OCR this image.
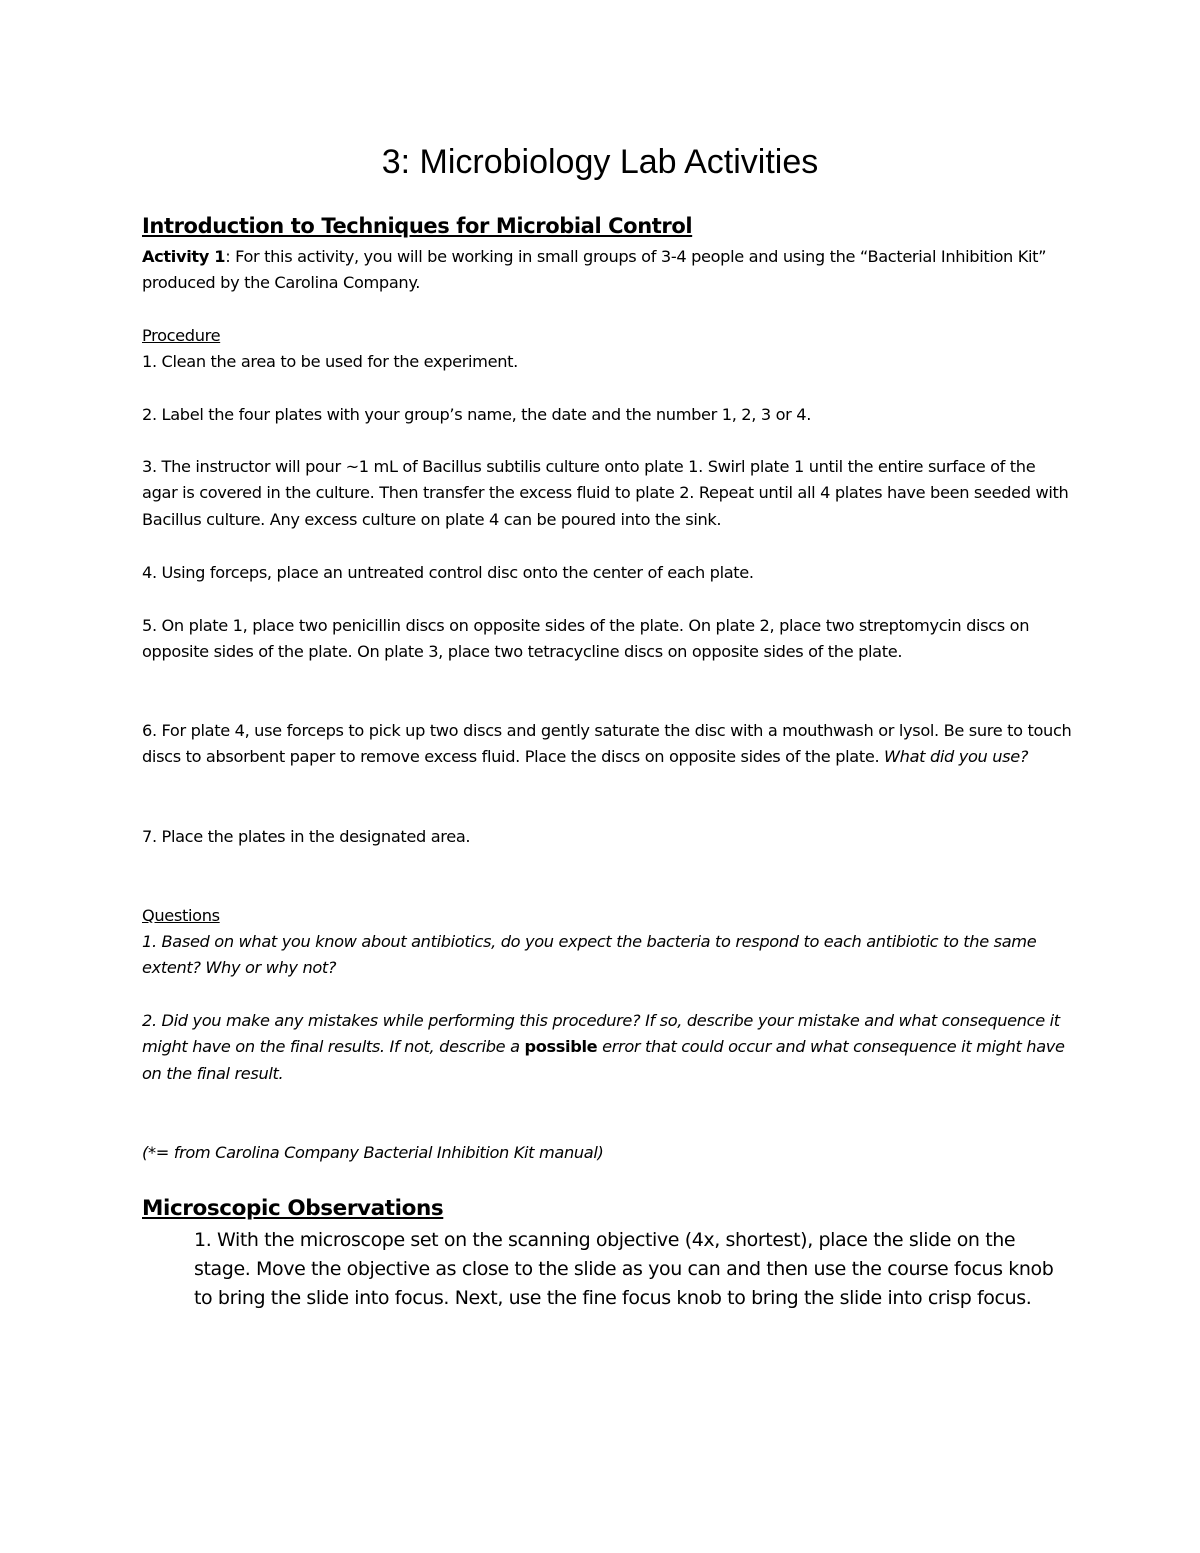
3: Microbiology Lab Activities
Introduction to Techniques for Microbial Control

Activity 1: For this activity, you will be working in small groups of 3-4 people and using the “Bacterial Inhibition Kit” produced by the Carolina Company.

Procedure

1. Clean the area to be used for the experiment.

2. Label the four plates with your group’s name, the date and the number 1, 2, 3 or 4.

3. The instructor will pour ~1 mL of Bacillus subtilis culture onto plate 1. Swirl plate 1 until the entire surface of the agar is covered in the culture. Then transfer the excess fluid to plate 2. Repeat until all 4 plates have been seeded with Bacillus culture. Any excess culture on plate 4 can be poured into the sink.

4. Using forceps, place an untreated control disc onto the center of each plate.

5. On plate 1, place two penicillin discs on opposite sides of the plate. On plate 2, place two streptomycin discs on opposite sides of the plate. On plate 3, place two tetracycline discs on opposite sides of the plate.

6. For plate 4, use forceps to pick up two discs and gently saturate the disc with a mouthwash or lysol. Be sure to touch discs to absorbent paper to remove excess fluid. Place the discs on opposite sides of the plate. What did you use?

7. Place the plates in the designated area.

Questions

1. Based on what you know about antibiotics, do you expect the bacteria to respond to each antibiotic to the same extent? Why or why not?

2. Did you make any mistakes while performing this procedure? If so, describe your mistake and what consequence it might have on the final results. If not, describe a possible error that could occur and what consequence it might have on the final result.

(*= from Carolina Company Bacterial Inhibition Kit manual)

Microscopic Observations

1. With the microscope set on the scanning objective (4x, shortest), place the slide on the stage. Move the objective as close to the slide as you can and then use the course focus knob to bring the slide into focus. Next, use the fine focus knob to bring the slide into crisp focus.
